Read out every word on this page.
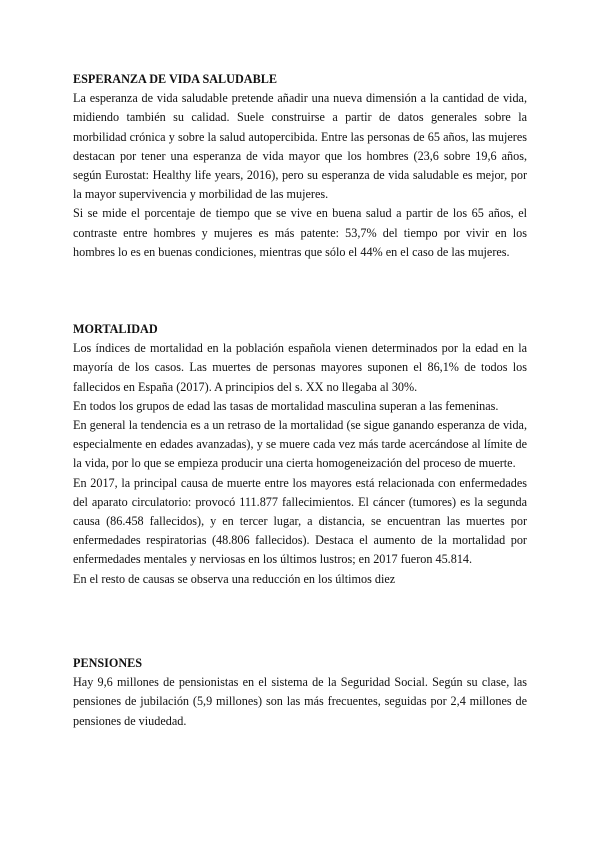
ESPERANZA DE VIDA SALUDABLE

La esperanza de vida saludable pretende añadir una nueva dimensión a la cantidad de vida, midiendo también su calidad. Suele construirse a partir de datos generales sobre la morbilidad crónica y sobre la salud autopercibida. Entre las personas de 65 años, las mujeres destacan por tener una esperanza de vida mayor que los hombres (23,6 sobre 19,6 años, según Eurostat: Healthy life years, 2016), pero su esperanza de vida saludable es mejor, por la mayor supervivencia y morbilidad de las mujeres.

Si se mide el porcentaje de tiempo que se vive en buena salud a partir de los 65 años, el contraste entre hombres y mujeres es más patente: 53,7% del tiempo por vivir en los hombres lo es en buenas condiciones, mientras que sólo el 44% en el caso de las mujeres.

MORTALIDAD

Los índices de mortalidad en la población española vienen determinados por la edad en la mayoría de los casos. Las muertes de personas mayores suponen el 86,1% de todos los fallecidos en España (2017). A principios del s. XX no llegaba al 30%.

En todos los grupos de edad las tasas de mortalidad masculina superan a las femeninas.

En general la tendencia es a un retraso de la mortalidad (se sigue ganando esperanza de vida, especialmente en edades avanzadas), y se muere cada vez más tarde acercándose al límite de la vida, por lo que se empieza producir una cierta homogeneización del proceso de muerte.

En 2017, la principal causa de muerte entre los mayores está relacionada con enfermedades del aparato circulatorio: provocó 111.877 fallecimientos. El cáncer (tumores) es la segunda causa (86.458 fallecidos), y en tercer lugar, a distancia, se encuentran las muertes por enfermedades respiratorias (48.806 fallecidos). Destaca el aumento de la mortalidad por enfermedades mentales y nerviosas en los últimos lustros; en 2017 fueron 45.814.

En el resto de causas se observa una reducción en los últimos diez

PENSIONES

Hay 9,6 millones de pensionistas en el sistema de la Seguridad Social. Según su clase, las pensiones de jubilación (5,9 millones) son las más frecuentes, seguidas por 2,4 millones de pensiones de viudedad.
